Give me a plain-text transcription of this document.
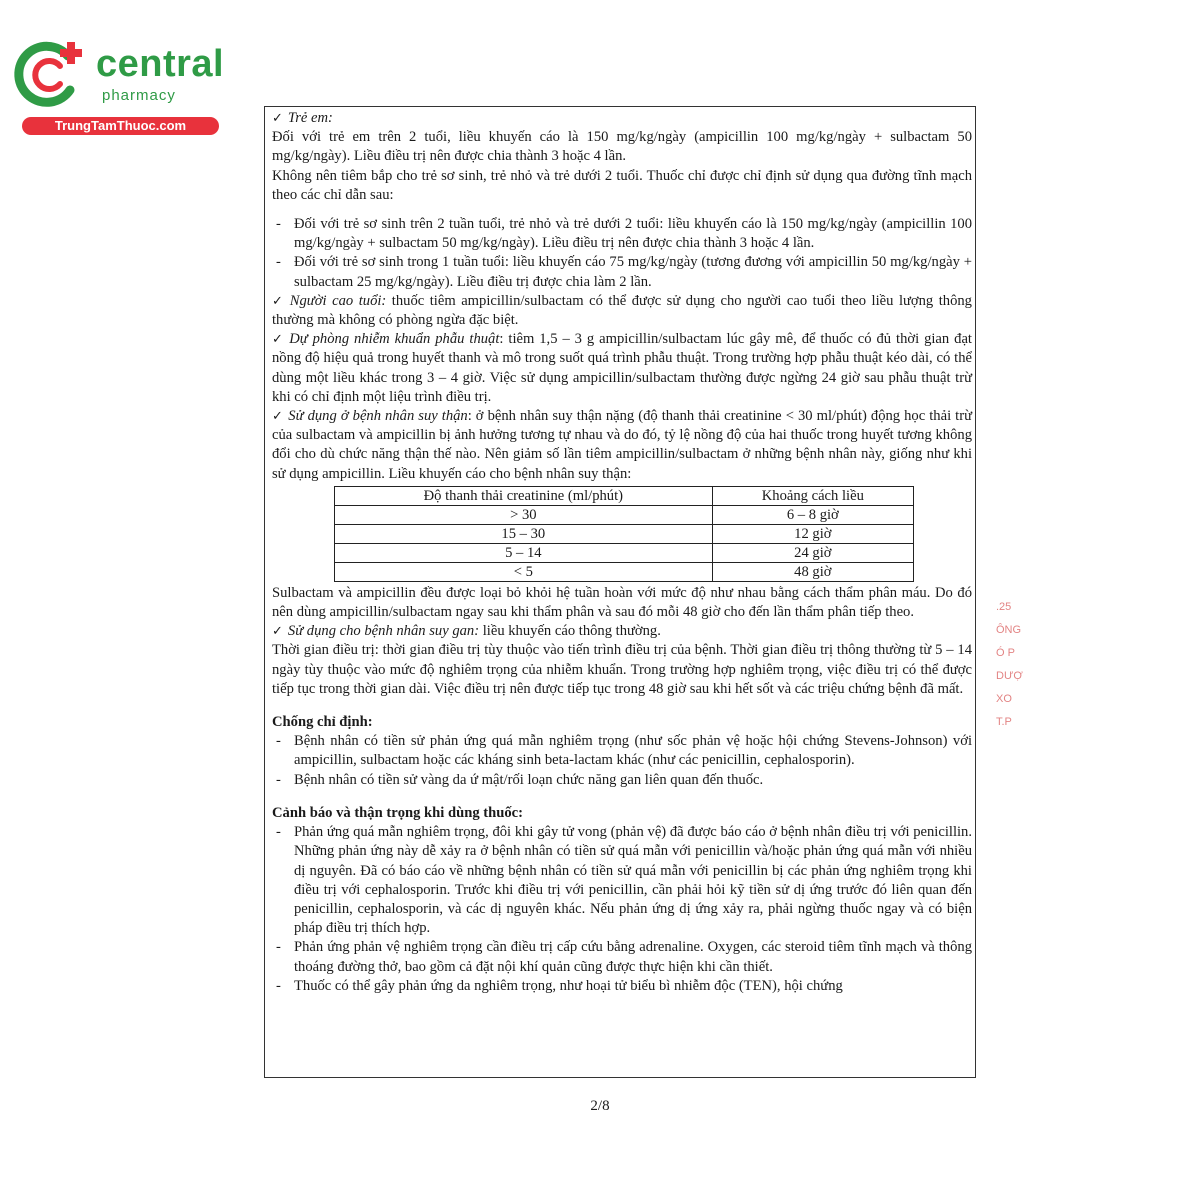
central
pharmacy
TrungTamThuoc.com	✓ Trẻ em:

Đối với trẻ em trên 2 tuổi, liều khuyến cáo là 150 mg/kg/ngày (ampicillin 100 mg/kg/ngày + sulbactam 50 mg/kg/ngày). Liều điều trị nên được chia thành 3 hoặc 4 lần.

Không nên tiêm bắp cho trẻ sơ sinh, trẻ nhỏ và trẻ dưới 2 tuổi. Thuốc chỉ được chỉ định sử dụng qua đường tĩnh mạch theo các chỉ dẫn sau:

- Đối với trẻ sơ sinh trên 2 tuần tuổi, trẻ nhỏ và trẻ dưới 2 tuổi: liều khuyến cáo là 150 mg/kg/ngày (ampicillin 100 mg/kg/ngày + sulbactam 50 mg/kg/ngày). Liều điều trị nên được chia thành 3 hoặc 4 lần.

- Đối với trẻ sơ sinh trong 1 tuần tuổi: liều khuyến cáo 75 mg/kg/ngày (tương đương với ampicillin 50 mg/kg/ngày + sulbactam 25 mg/kg/ngày). Liều điều trị được chia làm 2 lần.

✓ Người cao tuổi: thuốc tiêm ampicillin/sulbactam có thể được sử dụng cho người cao tuổi theo liều lượng thông thường mà không có phòng ngừa đặc biệt.

✓ Dự phòng nhiễm khuẩn phẫu thuật: tiêm 1,5 – 3 g ampicillin/sulbactam lúc gây mê, để thuốc có đủ thời gian đạt nồng độ hiệu quả trong huyết thanh và mô trong suốt quá trình phẫu thuật. Trong trường hợp phẫu thuật kéo dài, có thể dùng một liều khác trong 3 – 4 giờ. Việc sử dụng ampicillin/sulbactam thường được ngừng 24 giờ sau phẫu thuật trừ khi có chỉ định một liệu trình điều trị.

✓ Sử dụng ở bệnh nhân suy thận: ở bệnh nhân suy thận nặng (độ thanh thải creatinine < 30 ml/phút) động học thải trừ của sulbactam và ampicillin bị ảnh hưởng tương tự nhau và do đó, tỷ lệ nồng độ của hai thuốc trong huyết tương không đổi cho dù chức năng thận thế nào. Nên giảm số lần tiêm ampicillin/sulbactam ở những bệnh nhân này, giống như khi sử dụng ampicillin. Liều khuyến cáo cho bệnh nhân suy thận:

Độ thanh thải creatinine (ml/phút)	Khoảng cách liều
> 30	6 – 8 giờ
15 – 30	12 giờ
5 – 14	24 giờ
< 5	48 giờ

Sulbactam và ampicillin đều được loại bỏ khỏi hệ tuần hoàn với mức độ như nhau bằng cách thẩm phân máu. Do đó nên dùng ampicillin/sulbactam ngay sau khi thẩm phân và sau đó mỗi 48 giờ cho đến lần thẩm phân tiếp theo.

✓ Sử dụng cho bệnh nhân suy gan: liều khuyến cáo thông thường.

Thời gian điều trị: thời gian điều trị tùy thuộc vào tiến trình điều trị của bệnh. Thời gian điều trị thông thường từ 5 – 14 ngày tùy thuộc vào mức độ nghiêm trọng của nhiễm khuẩn. Trong trường hợp nghiêm trọng, việc điều trị có thể được tiếp tục trong thời gian dài. Việc điều trị nên được tiếp tục trong 48 giờ sau khi hết sốt và các triệu chứng bệnh đã mất.

Chống chỉ định:

- Bệnh nhân có tiền sử phản ứng quá mẫn nghiêm trọng (như sốc phản vệ hoặc hội chứng Stevens-Johnson) với ampicillin, sulbactam hoặc các kháng sinh beta-lactam khác (như các penicillin, cephalosporin).

- Bệnh nhân có tiền sử vàng da ứ mật/rối loạn chức năng gan liên quan đến thuốc.

Cảnh báo và thận trọng khi dùng thuốc:

- Phản ứng quá mẫn nghiêm trọng, đôi khi gây tử vong (phản vệ) đã được báo cáo ở bệnh nhân điều trị với penicillin. Những phản ứng này dễ xảy ra ở bệnh nhân có tiền sử quá mẫn với penicillin và/hoặc phản ứng quá mẫn với nhiều dị nguyên. Đã có báo cáo về những bệnh nhân có tiền sử quá mẫn với penicillin bị các phản ứng nghiêm trọng khi điều trị với cephalosporin. Trước khi điều trị với penicillin, cần phải hỏi kỹ tiền sử dị ứng trước đó liên quan đến penicillin, cephalosporin, và các dị nguyên khác. Nếu phản ứng dị ứng xảy ra, phải ngừng thuốc ngay và có biện pháp điều trị thích hợp.

- Phản ứng phản vệ nghiêm trọng cần điều trị cấp cứu bằng adrenaline. Oxygen, các steroid tiêm tĩnh mạch và thông thoáng đường thở, bao gồm cả đặt nội khí quản cũng được thực hiện khi cần thiết.

- Thuốc có thể gây phản ứng da nghiêm trọng, như hoại tử biểu bì nhiễm độc (TEN), hội chứng

2/8
.25
ÔNG
Ó P
DƯỢ
XO
T.P
